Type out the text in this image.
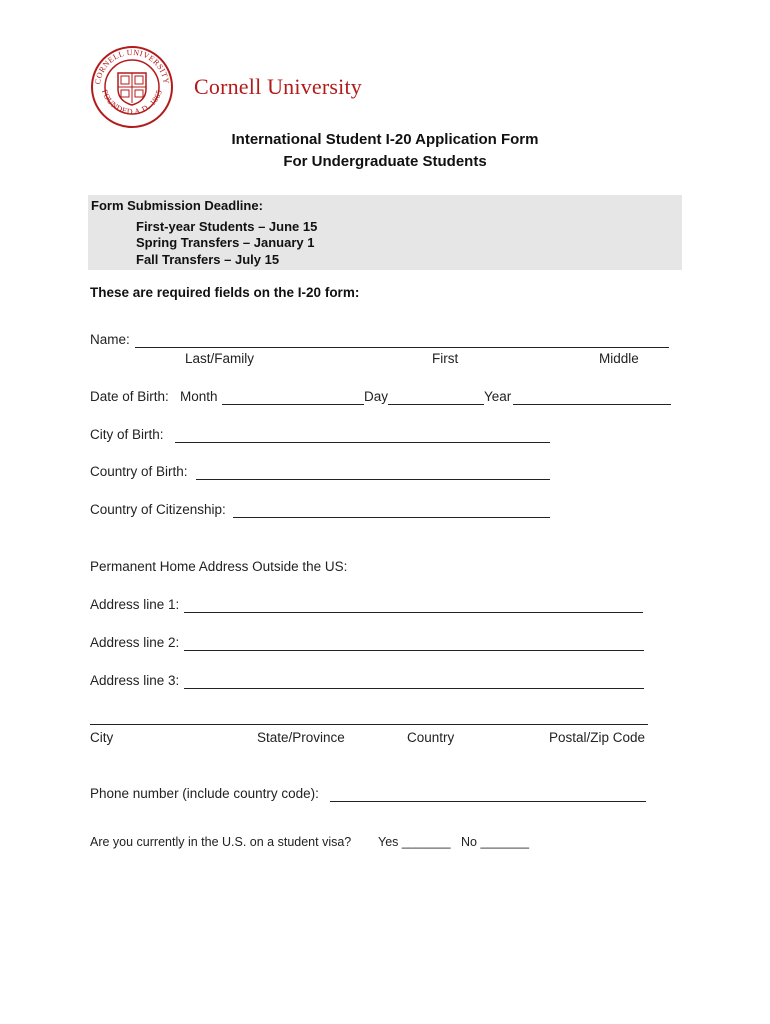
CORNELL UNIVERSITY
FOUNDED A.D. 1865 Cornell University
International Student I-20 Application Form
For Undergraduate Students
Form Submission Deadline:
First-year Students – June 15
Spring Transfers – January 1
Fall Transfers – July 15
These are required fields on the I-20 form:
Name:
Last/Family	First	Middle
Date of Birth: Month	Day	Year
City of Birth:
Country of Birth:
Country of Citizenship:
Permanent Home Address Outside the US:
Address line 1:
Address line 2:
Address line 3:
City	State/Province	Country	Postal/Zip Code
Phone number (include country code):
Are you currently in the U.S. on a student visa? Yes _______ No _______
